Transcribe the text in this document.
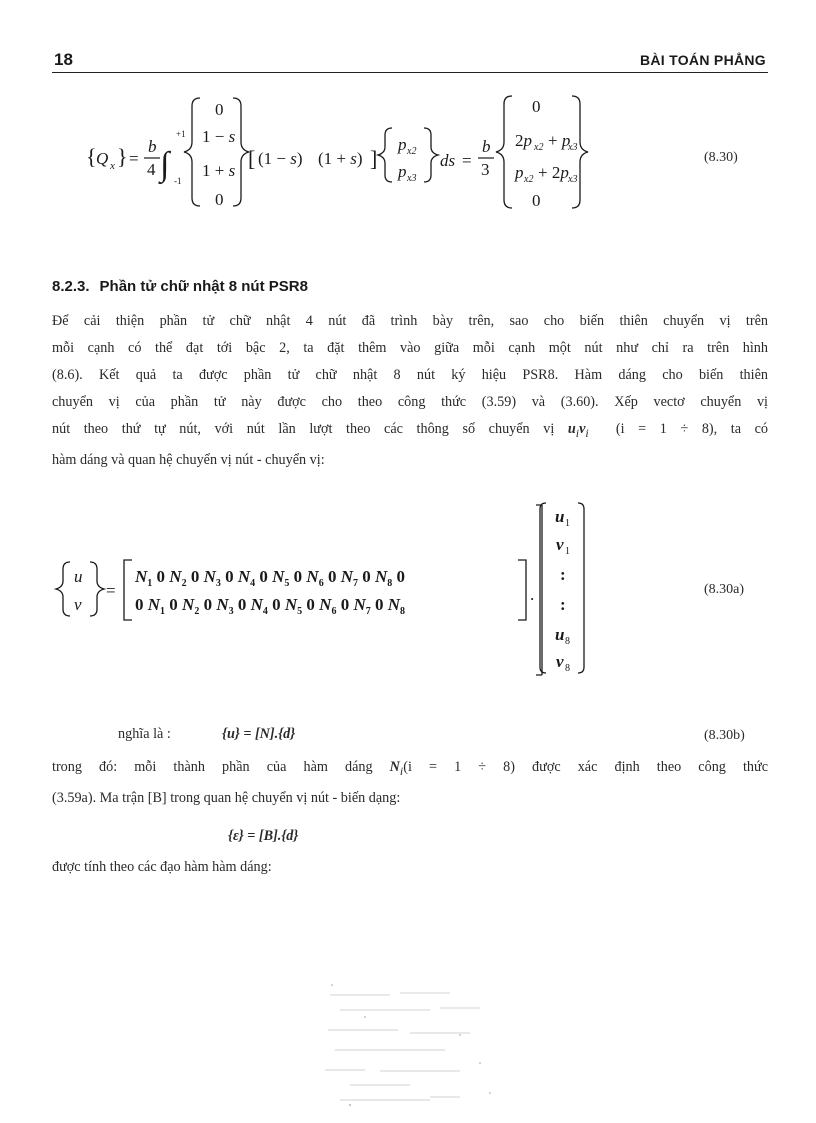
18	BÀI TOÁN PHẲNG
{ Q x } =
b
4 ∫
+1
-1
0
1 − s
1 + s
0
[ (1 − s) (1 + s) ]
p x2
p x3
ds =
b
3
0
2p x2 + p
x3
p x2 + 2p x3
0
(8.30)
8.2.3. Phần tử chữ nhật 8 nút PSR8
Để cải thiện phần tử chữ nhật 4 nút đã trình bày trên, sao cho biến thiên chuyển vị trên
mỗi cạnh có thể đạt tới bậc 2, ta đặt thêm vào giữa mỗi cạnh một nút như chỉ ra trên hình
(8.6). Kết quả ta được phần tử chữ nhật 8 nút ký hiệu PSR8. Hàm dáng cho biến thiên
chuyển vị của phần tử này được cho theo công thức (3.59) và (3.60). Xếp vectơ chuyển vị
nút theo thứ tự nút, với nút lần lượt theo các thông số chuyển vị $u_iv_i$ (i = 1 ÷ 8), ta có
hàm dáng và quan hệ chuyển vị nút - chuyển vị:
u
v
=
$N_1$ 0 $N_2$ 0 $N_3$ 0 $N_4$ 0 $N_5$ 0 $N_6$ 0 $N_7$ 0 $N_8$ 0
0 $N_1$ 0 $N_2$ 0 $N_3$ 0 $N_4$ 0 $N_5$ 0 $N_6$ 0 $N_7$ 0 $N_8$
.
u 1
v 1
:
:
u 8
v 8
(8.30a)
nghĩa là :	{u} = [N].{d}	(8.30b)
trong đó: mỗi thành phần của hàm dáng $N_i(i = 1 \div 8)$ được xác định theo công thức
(3.59a). Ma trận [B] trong quan hệ chuyển vị nút - biến dạng:
{ε} = [B].{d}
được tính theo các đạo hàm hàm dáng:
